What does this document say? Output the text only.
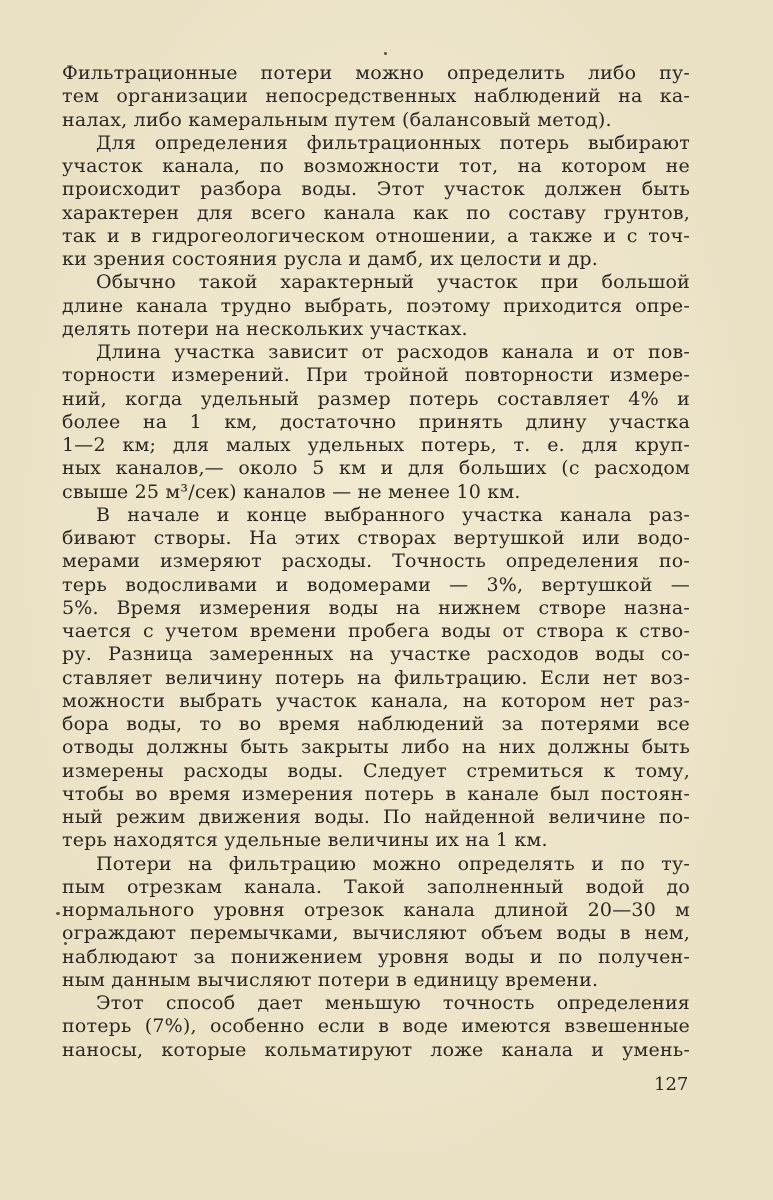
Фильтрационные потери можно определить либо пу-
тем организации непосредственных наблюдений на ка-
налах, либо камеральным путем (балансовый метод).
Для определения фильтрационных потерь выбирают
участок канала, по возможности тот, на котором не
происходит разбора воды. Этот участок должен быть
характерен для всего канала как по составу грунтов,
так и в гидрогеологическом отношении, а также и с точ-
ки зрения состояния русла и дамб, их целости и др.
Обычно такой характерный участок при большой
длине канала трудно выбрать, поэтому приходится опре-
делять потери на нескольких участках.
Длина участка зависит от расходов канала и от пов-
торности измерений. При тройной повторности измере-
ний, когда удельный размер потерь составляет 4% и
более на 1 км, достаточно принять длину участка
1—2 км; для малых удельных потерь, т. е. для круп-
ных каналов,— около 5 км и для больших (с расходом
свыше 25 м³/сек) каналов — не менее 10 км.
В начале и конце выбранного участка канала раз-
бивают створы. На этих створах вертушкой или водо-
мерами измеряют расходы. Точность определения по-
терь водосливами и водомерами — 3%, вертушкой —
5%. Время измерения воды на нижнем створе назна-
чается с учетом времени пробега воды от створа к ство-
ру. Разница замеренных на участке расходов воды со-
ставляет величину потерь на фильтрацию. Если нет воз-
можности выбрать участок канала, на котором нет раз-
бора воды, то во время наблюдений за потерями все
отводы должны быть закрыты либо на них должны быть
измерены расходы воды. Следует стремиться к тому,
чтобы во время измерения потерь в канале был постоян-
ный режим движения воды. По найденной величине по-
терь находятся удельные величины их на 1 км.
Потери на фильтрацию можно определять и по ту-
пым отрезкам канала. Такой заполненный водой до
нормального уровня отрезок канала длиной 20—30 м
ограждают перемычками, вычисляют объем воды в нем,
наблюдают за понижением уровня воды и по получен-
ным данным вычисляют потери в единицу времени.
Этот способ дает меньшую точность определения
потерь (7%), особенно если в воде имеются взвешенные
наносы, которые кольматируют ложе канала и умень-
127
